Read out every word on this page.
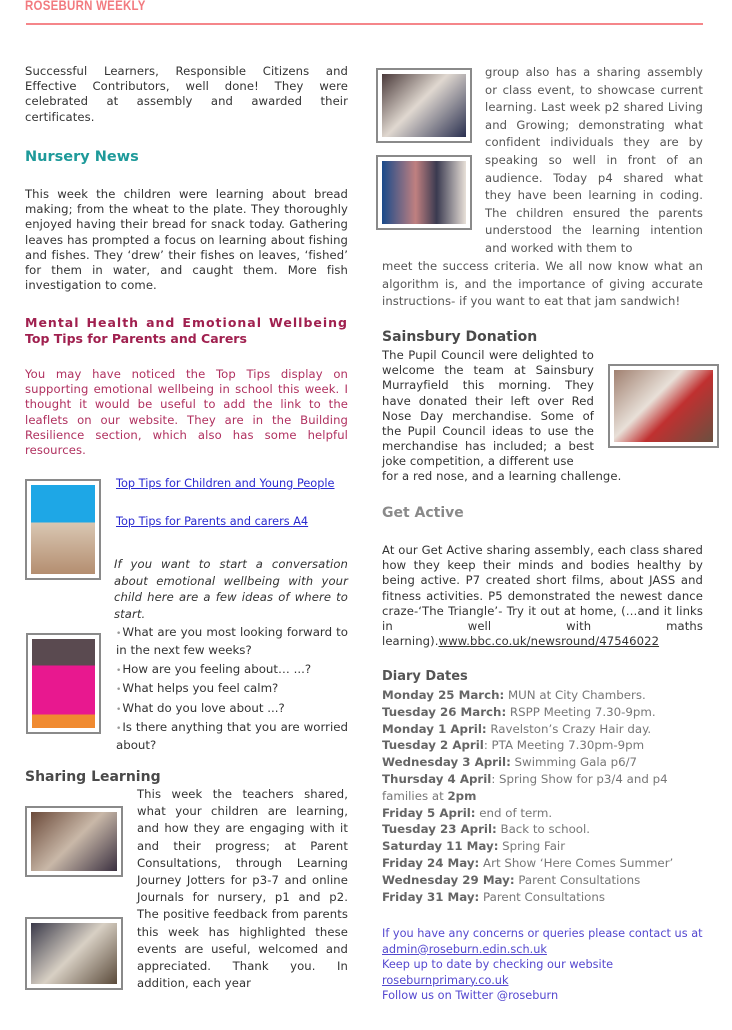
ROSEBURN WEEKLY
Successful Learners, Responsible Citizens and Effective Contributors, well done! They were celebrated at assembly and awarded their certificates.
Nursery News
This week the children were learning about bread making; from the wheat to the plate. They thoroughly enjoyed having their bread for snack today. Gathering leaves has prompted a focus on learning about fishing and fishes. They ‘drew’ their fishes on leaves, ‘fished’ for them in water, and caught them. More fish investigation to come.
Mental Health and Emotional Wellbeing
Top Tips for Parents and Carers
You may have noticed the Top Tips display on supporting emotional wellbeing in school this week. I thought it would be useful to add the link to the leaflets on our website. They are in the Building Resilience section, which also has some helpful resources.
Top Tips for Children and Young People
Top Tips for Parents and carers A4
If you want to start a conversation about emotional wellbeing with your child here are a few ideas of where to start.
• What are you most looking forward to in the next few weeks?
• How are you feeling about… ...?
• What helps you feel calm?
• What do you love about ...?
• Is there anything that you are worried about?
Sharing Learning
This week the teachers shared, what your children are learning, and how they are engaging with it and their progress; at Parent Consultations, through Learning Journey Jotters for p3-7 and online Journals for nursery, p1 and p2. The positive feedback from parents this week has highlighted these events are useful, welcomed and appreciated. Thank you. In addition, each year
group also has a sharing assembly or class event, to showcase current learning. Last week p2 shared Living and Growing; demonstrating what confident individuals they are by speaking so well in front of an audience. Today p4 shared what they have been learning in coding. The children ensured the parents understood the learning intention and worked with them to
meet the success criteria. We all now know what an algorithm is, and the importance of giving accurate instructions- if you want to eat that jam sandwich!
Sainsbury Donation
The Pupil Council were delighted to welcome the team at Sainsbury Murrayfield this morning. They have donated their left over Red Nose Day merchandise. Some of the Pupil Council ideas to use the merchandise has included; a best joke competition, a different use
for a red nose, and a learning challenge.
Get Active
At our Get Active sharing assembly, each class shared how they keep their minds and bodies healthy by being active. P7 created short films, about JASS and fitness activities. P5 demonstrated the newest dance craze-‘The Triangle’- Try it out at home, (…and it links in well with maths learning).www.bbc.co.uk/newsround/47546022
Diary Dates
Monday 25 March: MUN at City Chambers.
Tuesday 26 March: RSPP Meeting 7.30-9pm.
Monday 1 April: Ravelston’s Crazy Hair day.
Tuesday 2 April: PTA Meeting 7.30pm-9pm
Wednesday 3 April: Swimming Gala p6/7
Thursday 4 April: Spring Show for p3/4 and p4
families at 2pm
Friday 5 April: end of term.
Tuesday 23 April: Back to school.
Saturday 11 May: Spring Fair
Friday 24 May: Art Show ‘Here Comes Summer’
Wednesday 29 May: Parent Consultations
Friday 31 May: Parent Consultations
If you have any concerns or queries please contact us at
admin@roseburn.edin.sch.uk
Keep up to date by checking our website
roseburnprimary.co.uk
Follow us on Twitter @roseburn
